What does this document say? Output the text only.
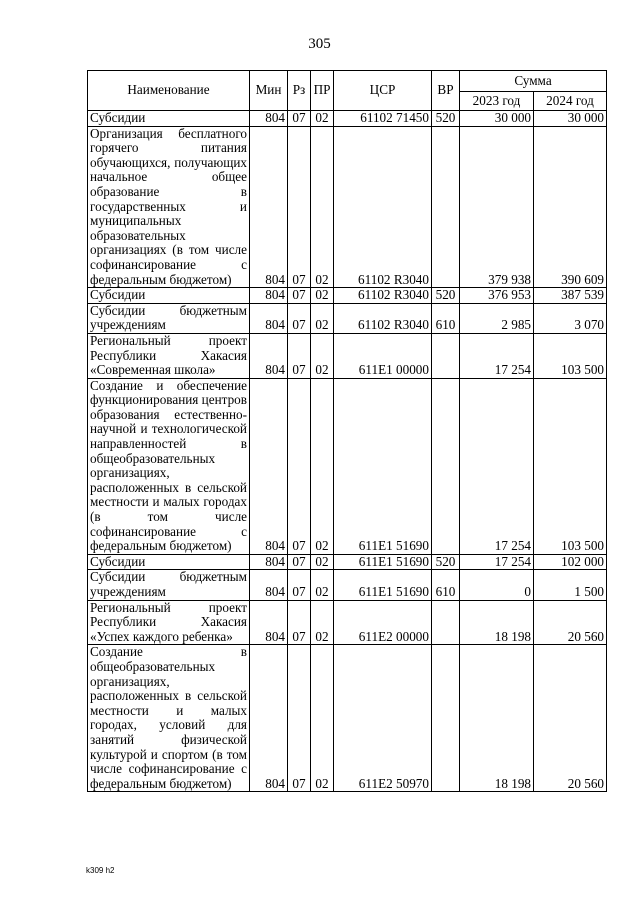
305
Наименование	Мин	Рз	ПР	ЦСР	ВР	Сумма	
						2023 год	2024 год
Субсидии	804	07	02	61102 71450	520	30 000	30 000
Организация бесплатного горячего питания обучающихся, получающих начальное общее образование в государственных и муниципальных образовательных организациях (в том числе софинансирование с федеральным бюджетом)	804	07	02	61102 R3040		379 938	390 609
Субсидии	804	07	02	61102 R3040	520	376 953	387 539
Субсидии бюджетным учреждениям	804	07	02	61102 R3040	610	2 985	3 070
Региональный проект Республики Хакасия «Современная школа»	804	07	02	611E1 00000		17 254	103 500
Создание и обеспечение функционирования центров образования естественно-научной и технологической направленностей в общеобразовательных организациях, расположенных в сельской местности и малых городах (в том числе софинансирование с федеральным бюджетом)	804	07	02	611E1 51690		17 254	103 500
Субсидии	804	07	02	611E1 51690	520	17 254	102 000
Субсидии бюджетным учреждениям	804	07	02	611E1 51690	610	0	1 500
Региональный проект Республики Хакасия «Успех каждого ребенка»	804	07	02	611E2 00000		18 198	20 560
Создание в общеобразовательных организациях, расположенных в сельской местности и малых городах, условий для занятий физической культурой и спортом (в том числе софинансирование с федеральным бюджетом)	804	07	02	611E2 50970		18 198	20 560
k309 h2
